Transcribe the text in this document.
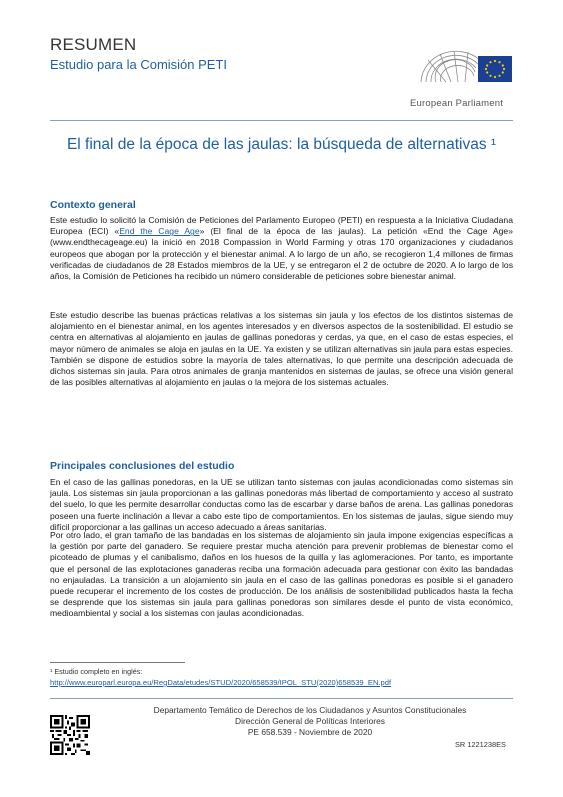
RESUMEN
Estudio para la Comisión PETI
European Parliament
El final de la época de las jaulas: la búsqueda de alternativas ¹
Contexto general
Este estudio lo solicitó la Comisión de Peticiones del Parlamento Europeo (PETI) en respuesta a la Iniciativa Ciudadana Europea (ECI) «End the Cage Age» (El final de la época de las jaulas). La petición «End the Cage Age» (www.endthecageage.eu) la inició en 2018 Compassion in World Farming y otras 170 organizaciones y ciudadanos europeos que abogan por la protección y el bienestar animal. A lo largo de un año, se recogieron 1,4 millones de firmas verificadas de ciudadanos de 28 Estados miembros de la UE, y se entregaron el 2 de octubre de 2020. A lo largo de los años, la Comisión de Peticiones ha recibido un número considerable de peticiones sobre bienestar animal.
Este estudio describe las buenas prácticas relativas a los sistemas sin jaula y los efectos de los distintos sistemas de alojamiento en el bienestar animal, en los agentes interesados y en diversos aspectos de la sostenibilidad. El estudio se centra en alternativas al alojamiento en jaulas de gallinas ponedoras y cerdas, ya que, en el caso de estas especies, el mayor número de animales se aloja en jaulas en la UE. Ya existen y se utilizan alternativas sin jaula para estas especies. También se dispone de estudios sobre la mayoría de tales alternativas, lo que permite una descripción adecuada de dichos sistemas sin jaula. Para otros animales de granja mantenidos en sistemas de jaulas, se ofrece una visión general de las posibles alternativas al alojamiento en jaulas o la mejora de los sistemas actuales.
Principales conclusiones del estudio
En el caso de las gallinas ponedoras, en la UE se utilizan tanto sistemas con jaulas acondicionadas como sistemas sin jaula. Los sistemas sin jaula proporcionan a las gallinas ponedoras más libertad de comportamiento y acceso al sustrato del suelo, lo que les permite desarrollar conductas como las de escarbar y darse baños de arena. Las gallinas ponedoras poseen una fuerte inclinación a llevar a cabo este tipo de comportamientos. En los sistemas de jaulas, sigue siendo muy difícil proporcionar a las gallinas un acceso adecuado a áreas sanitarias.
Por otro lado, el gran tamaño de las bandadas en los sistemas de alojamiento sin jaula impone exigencias específicas a la gestión por parte del ganadero. Se requiere prestar mucha atención para prevenir problemas de bienestar como el picoteado de plumas y el canibalismo, daños en los huesos de la quilla y las aglomeraciones. Por tanto, es importante que el personal de las explotaciones ganaderas reciba una formación adecuada para gestionar con éxito las bandadas no enjauladas. La transición a un alojamiento sin jaula en el caso de las gallinas ponedoras es posible si el ganadero puede recuperar el incremento de los costes de producción. De los análisis de sostenibilidad publicados hasta la fecha se desprende que los sistemas sin jaula para gallinas ponedoras son similares desde el punto de vista económico, medioambiental y social a los sistemas con jaulas acondicionadas.
¹ Estudio completo en inglés:
http://www.europarl.europa.eu/RegData/etudes/STUD/2020/658539/IPOL_STU(2020)658539_EN.pdf
Departamento Temático de Derechos de los Ciudadanos y Asuntos Constitucionales
Dirección General de Políticas Interiores
PE 658.539 - Noviembre de 2020
SR 1221238ES
